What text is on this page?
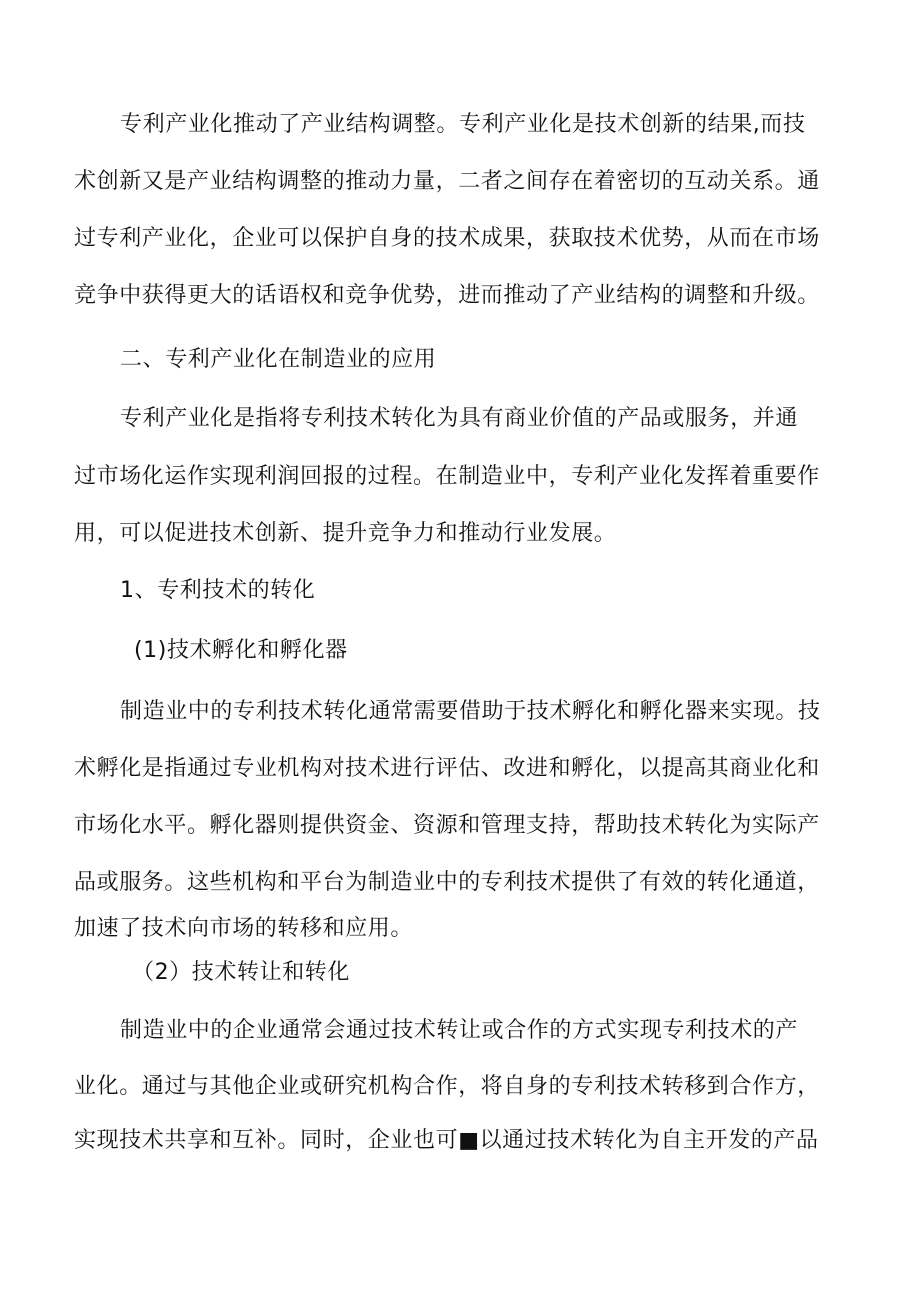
专利产业化推动了产业结构调整。专利产业化是技术创新的结果,而技
术创新又是产业结构调整的推动力量，二者之间存在着密切的互动关系。通
过专利产业化，企业可以保护自身的技术成果，获取技术优势，从而在市场
竞争中获得更大的话语权和竞争优势，进而推动了产业结构的调整和升级。
二、专利产业化在制造业的应用
专利产业化是指将专利技术转化为具有商业价值的产品或服务，并通
过市场化运作实现利润回报的过程。在制造业中，专利产业化发挥着重要作
用，可以促进技术创新、提升竞争力和推动行业发展。
1、专利技术的转化
(1)技术孵化和孵化器
制造业中的专利技术转化通常需要借助于技术孵化和孵化器来实现。技
术孵化是指通过专业机构对技术进行评估、改进和孵化，以提高其商业化和
市场化水平。孵化器则提供资金、资源和管理支持，帮助技术转化为实际产
品或服务。这些机构和平台为制造业中的专利技术提供了有效的转化通道，
加速了技术向市场的转移和应用。
（2）技术转让和转化
制造业中的企业通常会通过技术转让或合作的方式实现专利技术的产
业化。通过与其他企业或研究机构合作，将自身的专利技术转移到合作方，
实现技术共享和互补。同时，企业也可■以通过技术转化为自主开发的产品
